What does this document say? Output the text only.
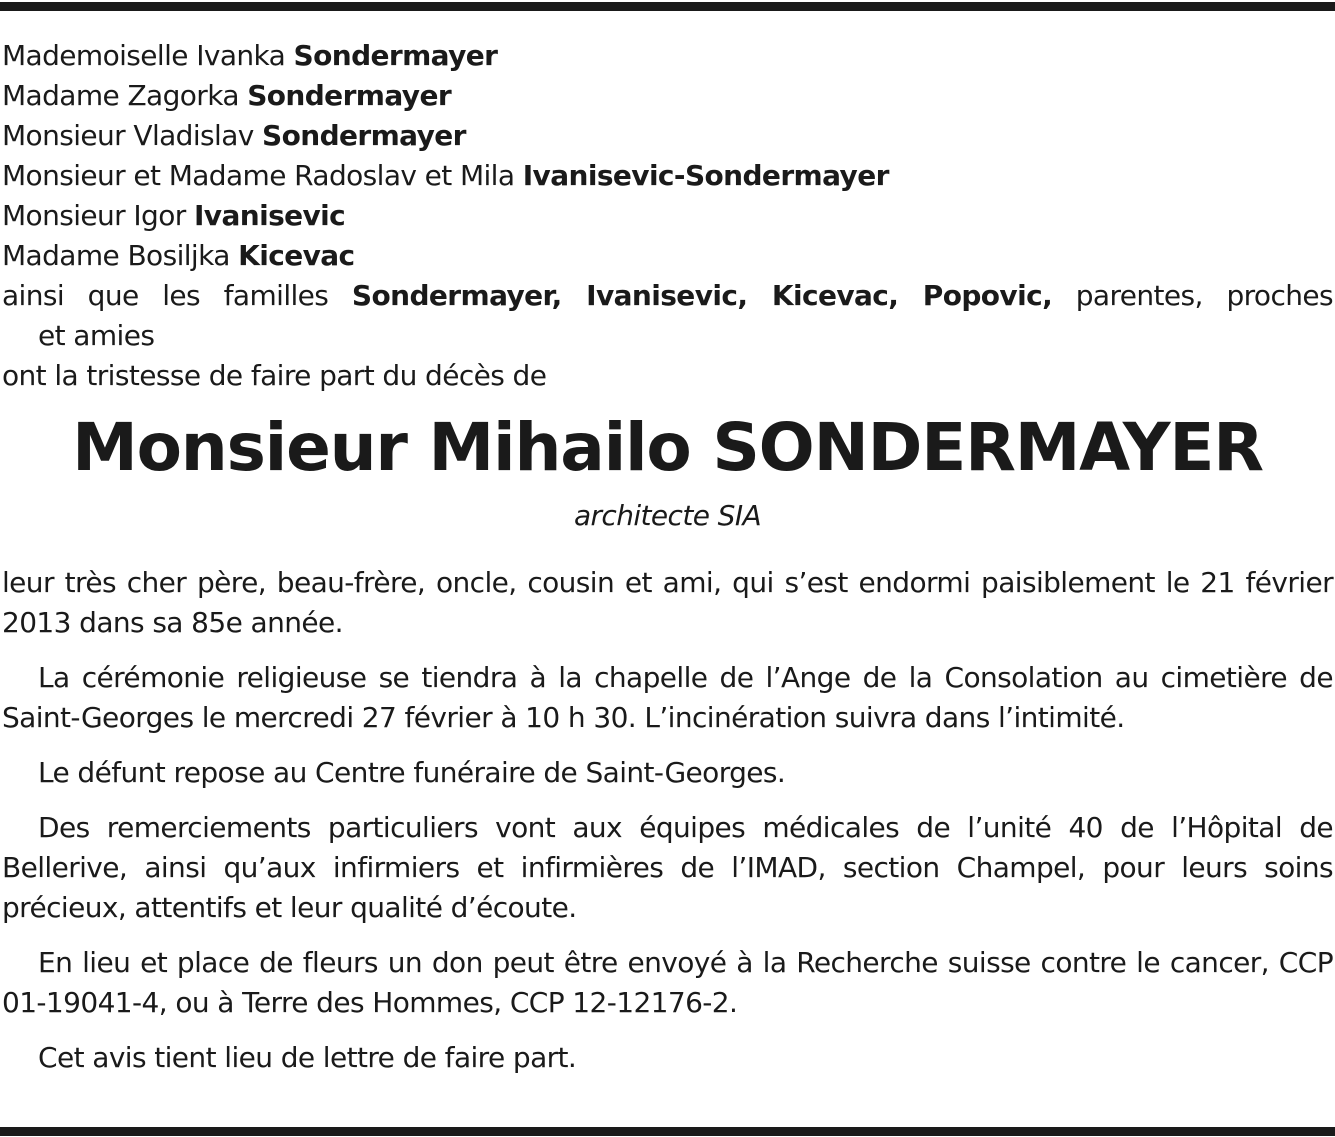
Mademoiselle Ivanka Sondermayer
Madame Zagorka Sondermayer
Monsieur Vladislav Sondermayer
Monsieur et Madame Radoslav et Mila Ivanisevic-Sondermayer
Monsieur Igor Ivanisevic
Madame Bosiljka Kicevac
ainsi que les familles Sondermayer, Ivanisevic, Kicevac, Popovic, parentes, proches
et amies
ont la tristesse de faire part du décès de
Monsieur Mihailo SONDERMAYER
architecte SIA

leur très cher père, beau-frère, oncle, cousin et ami, qui s’est endormi paisiblement le 21 février 2013 dans sa 85e année.

La cérémonie religieuse se tiendra à la chapelle de l’Ange de la Consolation au cimetière de Saint-Georges le mercredi 27 février à 10 h 30. L’incinération suivra dans l’intimité.

Le défunt repose au Centre funéraire de Saint-Georges.

Des remerciements particuliers vont aux équipes médicales de l’unité 40 de l’Hôpital de Bellerive, ainsi qu’aux infirmiers et infirmières de l’IMAD, section Champel, pour leurs soins précieux, attentifs et leur qualité d’écoute.

En lieu et place de fleurs un don peut être envoyé à la Recherche suisse contre le cancer, CCP 01-19041-4, ou à Terre des Hommes, CCP 12-12176-2.

Cet avis tient lieu de lettre de faire part.
